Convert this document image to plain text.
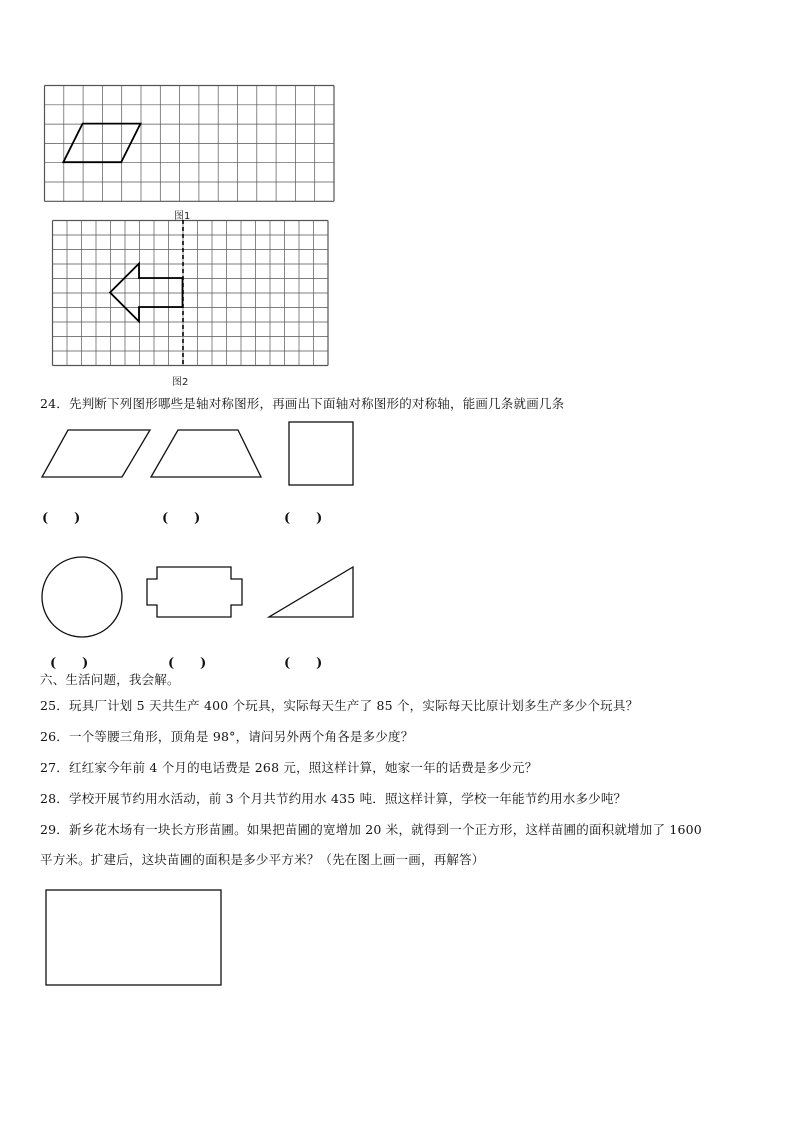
图1
图2
24．先判断下列图形哪些是轴对称图形，再画出下面轴对称图形的对称轴，能画几条就画几条
(　　)	(　　)	(　　)
(　　)	(　　)	(　　)
六、生活问题，我会解。
25．玩具厂计划 5 天共生产 400 个玩具，实际每天生产了 85 个，实际每天比原计划多生产多少个玩具？
26．一个等腰三角形，顶角是 98°，请问另外两个角各是多少度？
27．红红家今年前 4 个月的电话费是 268 元，照这样计算，她家一年的话费是多少元？
28．学校开展节约用水活动，前 3 个月共节约用水 435 吨．照这样计算，学校一年能节约用水多少吨？
29．新乡花木场有一块长方形苗圃。如果把苗圃的宽增加 20 米，就得到一个正方形，这样苗圃的面积就增加了 1600
平方米。扩建后，这块苗圃的面积是多少平方米？（先在图上画一画，再解答）
